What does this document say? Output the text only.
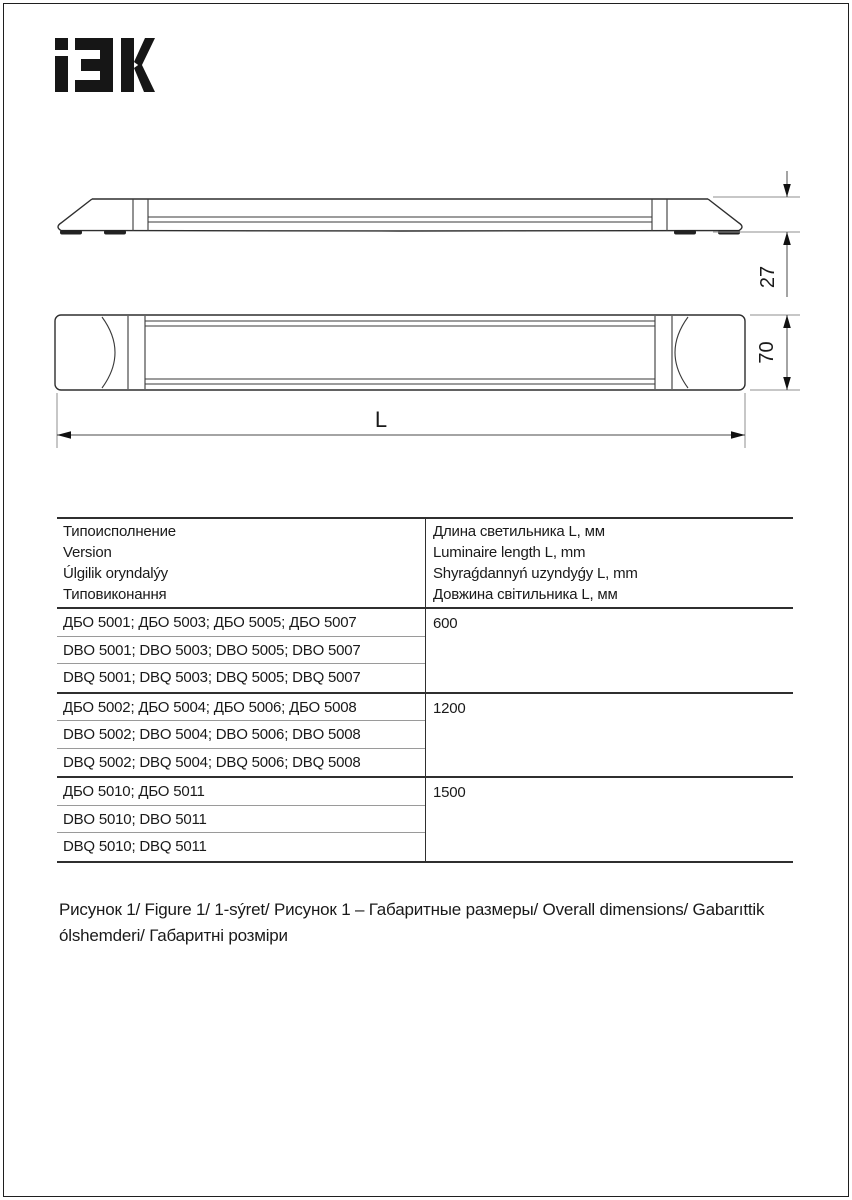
27
70
L
Типоисполнение
Version
Úlgilik oryndalýy
Типовиконання
Длина светильника L, мм
Luminaire length L, mm
Shyraǵdannyń uzyndyǵy L, mm
Довжина світильника L, мм
ДБО 5001; ДБО 5003; ДБО 5005; ДБО 5007
DBO 5001; DBO 5003; DBO 5005; DBO 5007
DBQ 5001; DBQ 5003; DBQ 5005; DBQ 5007
600
ДБО 5002; ДБО 5004; ДБО 5006; ДБО 5008
DBO 5002; DBO 5004; DBO 5006; DBO 5008
DBQ 5002; DBQ 5004; DBQ 5006; DBQ 5008
1200
ДБО 5010; ДБО 5011
DBO 5010; DBO 5011
DBQ 5010; DBQ 5011
1500
Рисунок 1/ Figure 1/ 1-sýret/ Рисунок 1 – Габаритные размеры/ Overall dimensions/ Gabarıttik ólshemderi/ Габаритні розміри
